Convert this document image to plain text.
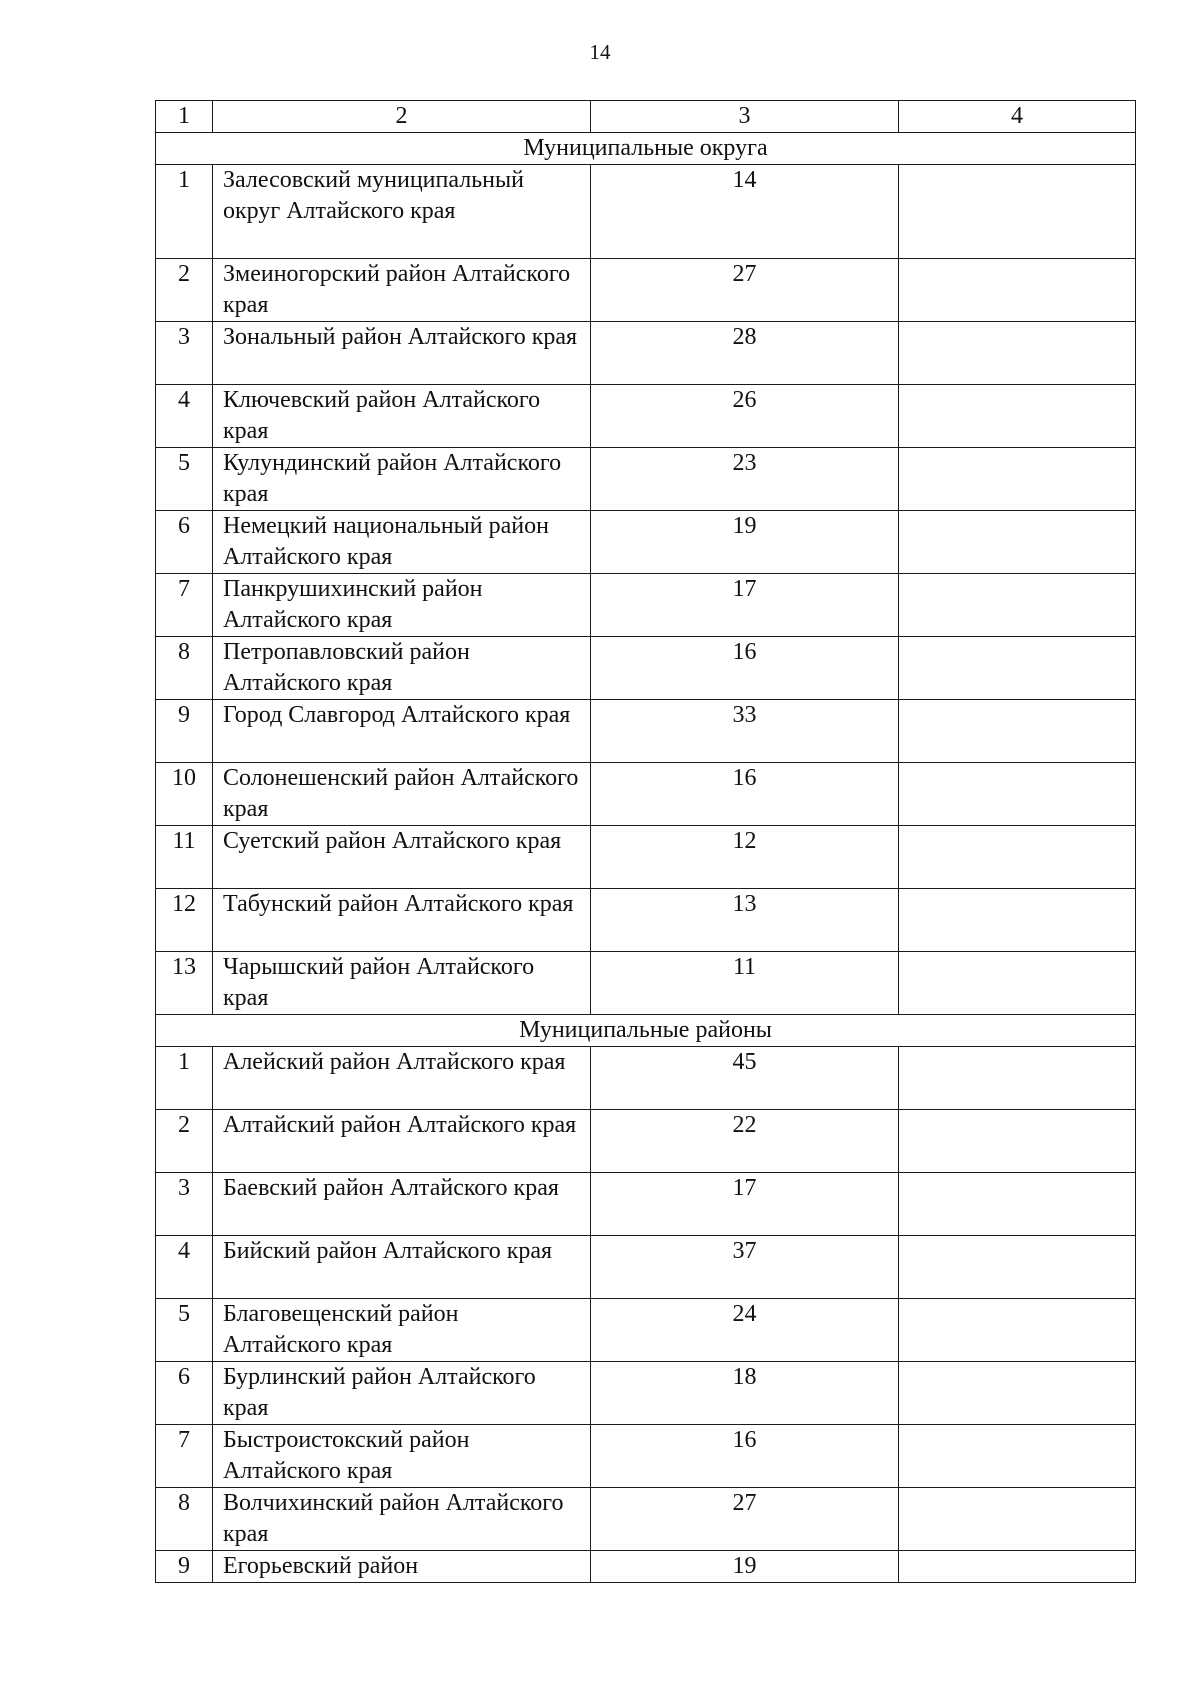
14
1	2	3	4
Муниципальные округа			
1	Залесовский муниципальный округ Алтайского края	14	
2	Змеиногорский район Алтайского края	27	
3	Зональный район Алтайского края	28	
4	Ключевский район Алтайского края	26	
5	Кулундинский район Алтайского края	23	
6	Немецкий национальный район Алтайского края	19	
7	Панкрушихинский район Алтайского края	17	
8	Петропавловский район Алтайского края	16	
9	Город Славгород Алтайского края	33	
10	Солонешенский район Алтайского края	16	
11	Суетский район Алтайского края	12	
12	Табунский район Алтайского края	13	
13	Чарышский район Алтайского края	11	
Муниципальные районы			
1	Алейский район Алтайского края	45	
2	Алтайский район Алтайского края	22	
3	Баевский район Алтайского края	17	
4	Бийский район Алтайского края	37	
5	Благовещенский район Алтайского края	24	
6	Бурлинский район Алтайского края	18	
7	Быстроистокский район Алтайского края	16	
8	Волчихинский район Алтайского края	27	
9	Егорьевский район	19	
